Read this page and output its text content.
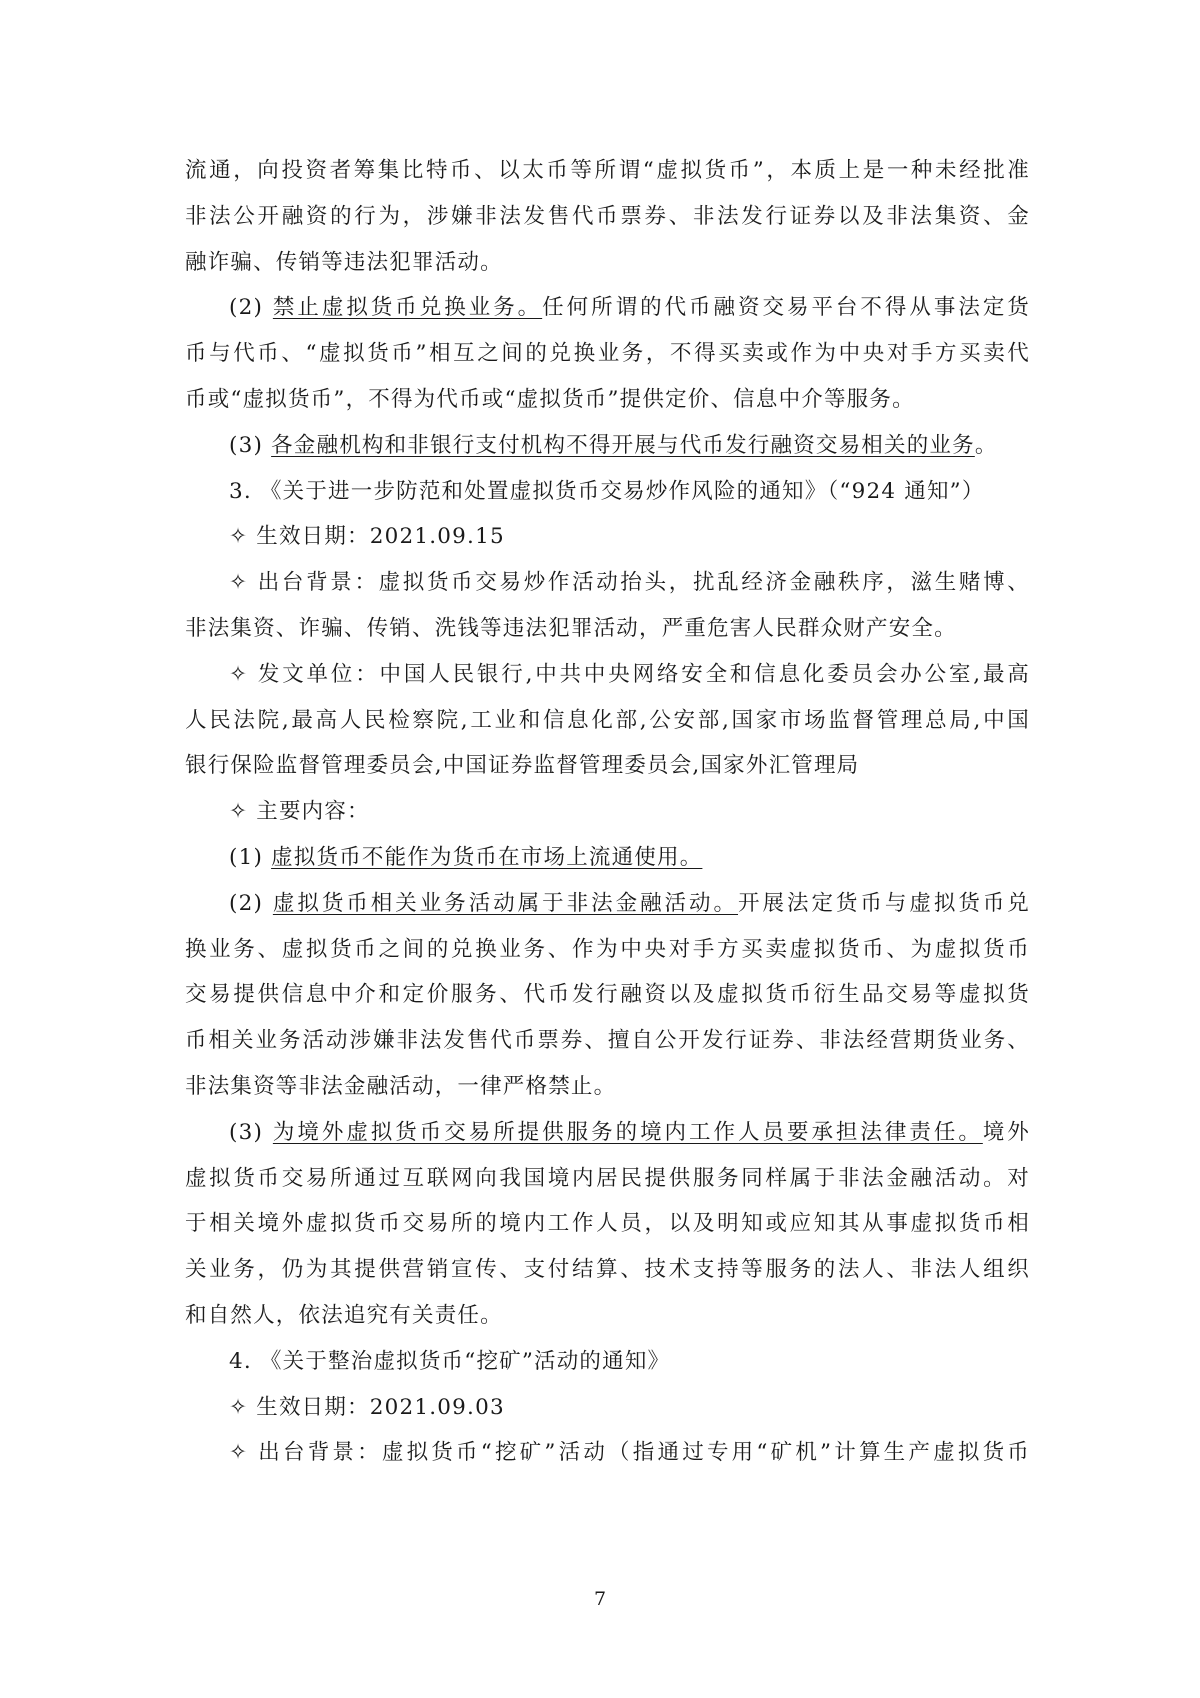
流通，向投资者筹集比特币、以太币等所谓“虚拟货币”，本质上是一种未经批准
非法公开融资的行为，涉嫌非法发售代币票券、非法发行证券以及非法集资、金
融诈骗、传销等违法犯罪活动。
(2) 禁止虚拟货币兑换业务。任何所谓的代币融资交易平台不得从事法定货
币与代币、“虚拟货币”相互之间的兑换业务，不得买卖或作为中央对手方买卖代
币或“虚拟货币”，不得为代币或“虚拟货币”提供定价、信息中介等服务。
(3) 各金融机构和非银行支付机构不得开展与代币发行融资交易相关的业务。
3. 《关于进一步防范和处置虚拟货币交易炒作风险的通知》（“924 通知”）
✧ 生效日期：2021.09.15
✧ 出台背景：虚拟货币交易炒作活动抬头，扰乱经济金融秩序，滋生赌博、
非法集资、诈骗、传销、洗钱等违法犯罪活动，严重危害人民群众财产安全。
✧ 发文单位：中国人民银行,中共中央网络安全和信息化委员会办公室,最高
人民法院,最高人民检察院,工业和信息化部,公安部,国家市场监督管理总局,中国
银行保险监督管理委员会,中国证券监督管理委员会,国家外汇管理局
✧ 主要内容：
(1) 虚拟货币不能作为货币在市场上流通使用。
(2) 虚拟货币相关业务活动属于非法金融活动。开展法定货币与虚拟货币兑
换业务、虚拟货币之间的兑换业务、作为中央对手方买卖虚拟货币、为虚拟货币
交易提供信息中介和定价服务、代币发行融资以及虚拟货币衍生品交易等虚拟货
币相关业务活动涉嫌非法发售代币票券、擅自公开发行证券、非法经营期货业务、
非法集资等非法金融活动，一律严格禁止。
(3) 为境外虚拟货币交易所提供服务的境内工作人员要承担法律责任。境外
虚拟货币交易所通过互联网向我国境内居民提供服务同样属于非法金融活动。对
于相关境外虚拟货币交易所的境内工作人员，以及明知或应知其从事虚拟货币相
关业务，仍为其提供营销宣传、支付结算、技术支持等服务的法人、非法人组织
和自然人，依法追究有关责任。
4. 《关于整治虚拟货币“挖矿”活动的通知》
✧ 生效日期：2021.09.03
✧ 出台背景：虚拟货币“挖矿”活动（指通过专用“矿机”计算生产虚拟货币
7
